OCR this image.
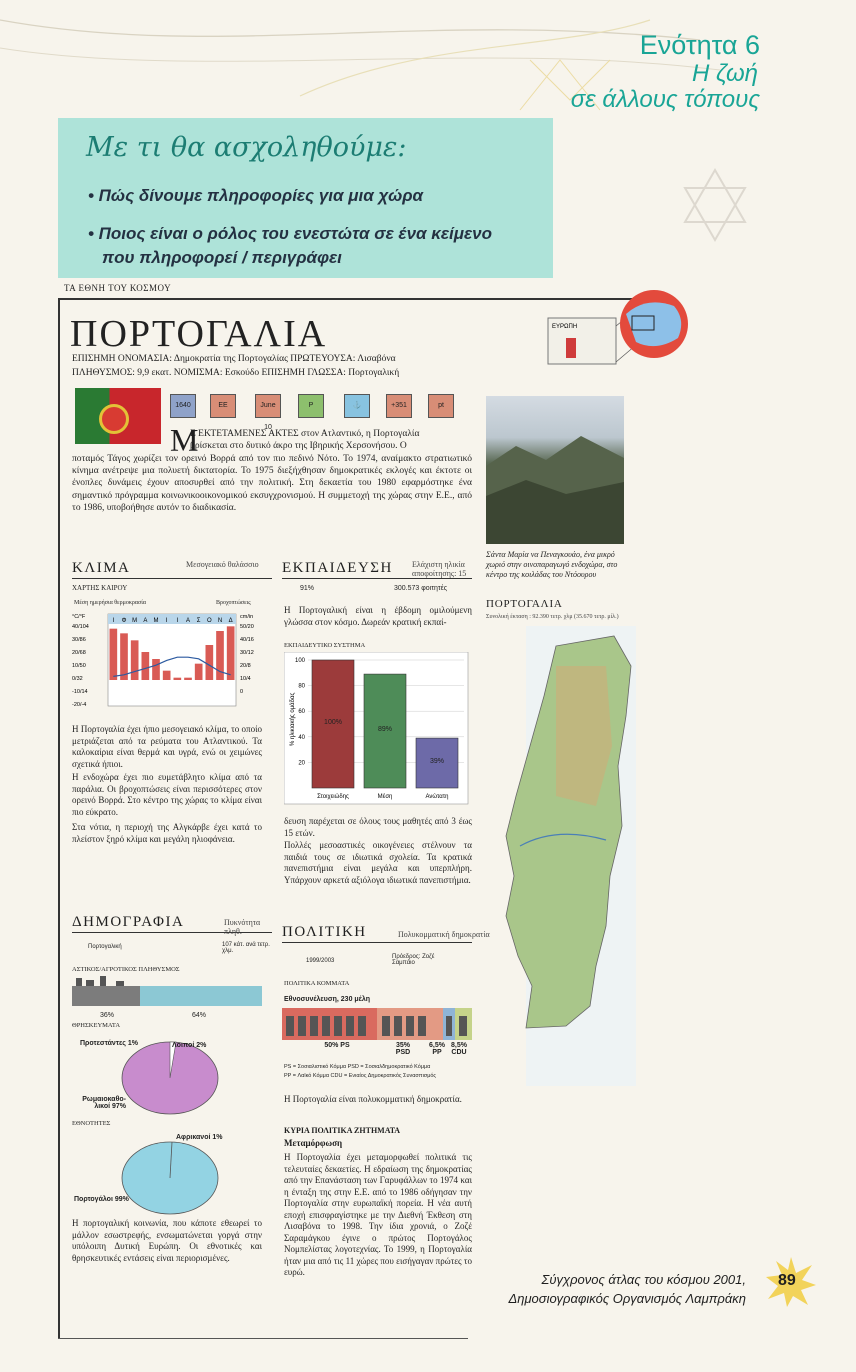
Ενότητα 6
Η ζωή
σε άλλους τόπους
Με τι θα ασχοληθούμε:
• Πώς δίνουμε πληροφορίες για μια χώρα
• Ποιος είναι ο ρόλος του ενεστώτα σε ένα κείμενο
που πληροφορεί / περιγράφει
ΤΑ ΕΘΝΗ ΤΟΥ ΚΟΣΜΟΥ
ΕΥΡΩΠΗ
ΠΟΡΤΟΓΑΛΙΑ
ΕΠΙΣΗΜΗ ΟΝΟΜΑΣΙΑ: Δημοκρατία της Πορτογαλίας ΠΡΩΤΕΥΟΥΣΑ: Λισαβόνα
ΠΛΗΘΥΣΜΟΣ: 9,9 εκατ. ΝΟΜΙΣΜΑ: Εσκούδο ΕΠΙΣΗΜΗ ΓΛΩΣΣΑ: Πορτογαλική
1640	ΕΕ	June 10
P	⚓	+351	pt
Μ
Ε ΕΚΤΕΤΑΜΕΝΕΣ ΑΚΤΕΣ στον Ατλαντικό, η Πορτογαλία
βρίσκεται στο δυτικό άκρο της Ιβηρικής Χερσονήσου. Ο
ποταμός Τάγος χωρίζει τον ορεινό Βορρά από τον πιο πεδινό Νότο. Το 1974, αναίμακτο στρατιωτικό κίνημα ανέτρεψε μια πολυετή δικτατορία. Το 1975 διεξήχθησαν δημοκρατικές εκλογές και έκτοτε οι ένοπλες δυνάμεις έχουν αποσυρθεί από την πολιτική. Στη δεκαετία του 1980 εφαρμόστηκε ένα σημαντικό πρόγραμμα κοινωνικοοικονομικού εκσυγχρονισμού. Η συμμετοχή της χώρας στην Ε.Ε., από το 1986, υποβοήθησε αυτόν το διαδικασία.
Σάντα Μαρία να Πεναγκουάο, ένα μικρό χωριό στην οινοπαραγωγό ενδοχώρα, στο κέντρο της κοιλάδας του Ντόουρου
ΠΟΡΤΟΓΑΛΙΑ
Συνολική έκταση : 92.390 τετρ. χλμ (35.670 τετρ. μίλ.)
ΚΛΙΜΑ	Μεσογειακό θαλάσσιο
ΧΑΡΤΗΣ ΚΑΙΡΟΥ
Μέση ημερήσια θερμοκρασία	Βροχοπτώσεις
Ι Φ Μ Α Μ Ι Ι Α Σ Ο Ν Δ
40/104
30/86
20/68
10/50
0/32
-10/14
-20/-4
50/20
40/16
30/12
20/8
10/4
0
°C/°F	cm/in
Η Πορτογαλία έχει ήπιο μεσογειακό κλίμα, το οποίο μετριάζεται από τα ρεύματα του Ατλαντικού. Τα καλοκαίρια είναι θερμά και υγρά, ενώ οι χειμώνες σχετικά ήπιοι.
Η ενδοχώρα έχει πιο ευμετάβλητο κλίμα από τα παράλια. Οι βροχοπτώσεις είναι περισσότερες στον ορεινό Βορρά. Στο κέντρο της χώρας το κλίμα είναι πιο εύκρατο.
Στα νότια, η περιοχή της Αλγκάρβε έχει κατά το πλείστον ξηρό κλίμα και μεγάλη ηλιοφάνεια.
ΕΚΠΑΙΔΕΥΣΗ	Ελάχιστη ηλικία αποφοίτησης: 15
91%	300.573 φοιτητές
Η Πορτογαλική είναι η έβδομη ομιλούμενη γλώσσα στον κόσμο. Δωρεάν κρατική εκπαί-
ΕΚΠΑΙΔΕΥΤΙΚΟ ΣΥΣΤΗΜΑ
% ηλικιακής ομάδας
20
40
60
80
100
100%
Στοιχειώδης
89%
Μέση
39%
Ανώτατη
δευση παρέχεται σε όλους τους μαθητές από 3 έως 15 ετών.
Πολλές μεσοαστικές οικογένειες στέλνουν τα παιδιά τους σε ιδιωτικά σχολεία. Τα κρατικά πανεπιστήμια είναι μεγάλα και υπερπλήρη. Υπάρχουν αρκετά αξιόλογα ιδιωτικά πανεπιστήμια.
ΔΗΜΟΓΡΑΦΙΑ	Πυκνότητα πληθ.
Πορτογαλική	107 κάτ. ανά τετρ. χλμ.
ΑΣΤΙΚΟΣ/ΑΓΡΟΤΙΚΟΣ ΠΛΗΘΥΣΜΟΣ
36%	64%
ΘΡΗΣΚΕΥΜΑΤΑ
Προτεστάντες 1%	Λοιποί 2%
Ρωμαιοκαθο- λικοί 97%
ΕΘΝΟΤΗΤΕΣ
Αφρικανοί 1%
Πορτογάλοι 99%
Η πορτογαλική κοινωνία, που κάποτε εθεωρεί το μάλλον εσωστρεφής, ενσωματώνεται γοργά στην υπόλοιπη Δυτική Ευρώπη. Οι εθνοτικές και θρησκευτικές εντάσεις είναι περιορισμένες.
ΠΟΛΙΤΙΚΗ	Πολυκομματική δημοκρατία
1999/2003
Πρόεδρος: Ζοζέ Σαμπάιο
ΠΟΛΙΤΙΚΑ ΚΟΜΜΑΤΑ
Εθνοσυνέλευση, 230 μέλη
50% PS	35% PSD
6,5% PP
8,5% CDU
PS = Σοσιαλιστικό Κόμμα PSD = Σοσιαλδημοκρατικό Κόμμα
PP = Λαϊκό Κόμμα CDU = Ενιαίος Δημοκρατικός Συνασπισμός
Η Πορτογαλία είναι πολυκομματική δημοκρατία.
ΚΥΡΙΑ ΠΟΛΙΤΙΚΑ ΖΗΤΗΜΑΤΑ
Μεταμόρφωση
Η Πορτογαλία έχει μεταμορφωθεί πολιτικά τις τελευταίες δεκαετίες. Η εδραίωση της δημοκρατίας από την Επανάσταση των Γαρυφάλλων το 1974 και η ένταξη της στην Ε.Ε. από το 1986 οδήγησαν την Πορτογαλία στην ευρωπαϊκή πορεία. Η νέα αυτή εποχή επισφραγίστηκε με την Διεθνή Έκθεση στη Λισαβόνα το 1998. Την ίδια χρονιά, ο Ζοζέ Σαραμάγκου έγινε ο πρώτος Πορτογάλος Νομπελίστας λογοτεχνίας. Το 1999, η Πορτογαλία ήταν μια από τις 11 χώρες που εισήγαγαν πρώτες το ευρώ.	Σύγχρονος άτλας του κόσμου 2001,
Δημοσιογραφικός Οργανισμός Λαμπράκη
89
